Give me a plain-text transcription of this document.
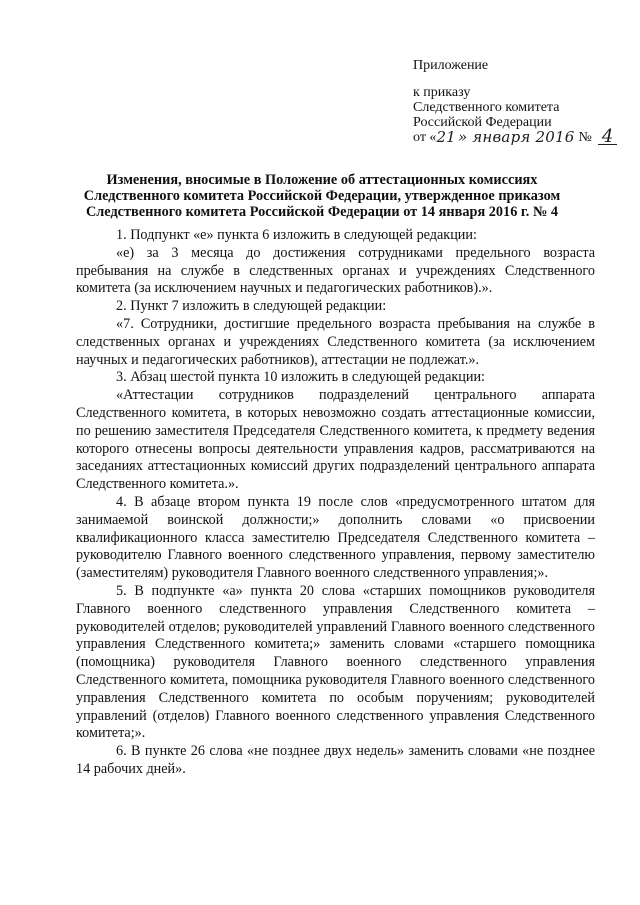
Приложение
к приказу
Следственного комитета
Российской Федерации
от « 21 » января 2016 № 4
Изменения, вносимые в Положение об аттестационных комиссиях Следственного комитета Российской Федерации, утвержденное приказом Следственного комитета Российской Федерации от 14 января 2016 г. № 4

1. Подпункт «е» пункта 6 изложить в следующей редакции:

«е) за 3 месяца до достижения сотрудниками предельного возраста пребывания на службе в следственных органах и учреждениях Следственного комитета (за исключением научных и педагогических работников).».

2. Пункт 7 изложить в следующей редакции:

«7. Сотрудники, достигшие предельного возраста пребывания на службе в следственных органах и учреждениях Следственного комитета (за исключением научных и педагогических работников), аттестации не подлежат.».

3. Абзац шестой пункта 10 изложить в следующей редакции:

«Аттестации сотрудников подразделений центрального аппарата Следственного комитета, в которых невозможно создать аттестационные комиссии, по решению заместителя Председателя Следственного комитета, к предмету ведения которого отнесены вопросы деятельности управления кадров, рассматриваются на заседаниях аттестационных комиссий других подразделений центрального аппарата Следственного комитета.».

4. В абзаце втором пункта 19 после слов «предусмотренного штатом для занимаемой воинской должности;» дополнить словами «о присвоении квалификационного класса заместителю Председателя Следственного комитета – руководителю Главного военного следственного управления, первому заместителю (заместителям) руководителя Главного военного следственного управления;».

5. В подпункте «а» пункта 20 слова «старших помощников руководителя Главного военного следственного управления Следственного комитета – руководителей отделов; руководителей управлений Главного военного следственного управления Следственного комитета;» заменить словами «старшего помощника (помощника) руководителя Главного военного следственного управления Следственного комитета, помощника руководителя Главного военного следственного управления Следственного комитета по особым поручениям; руководителей управлений (отделов) Главного военного следственного управления Следственного комитета;».

6. В пункте 26 слова «не позднее двух недель» заменить словами «не позднее 14 рабочих дней».
